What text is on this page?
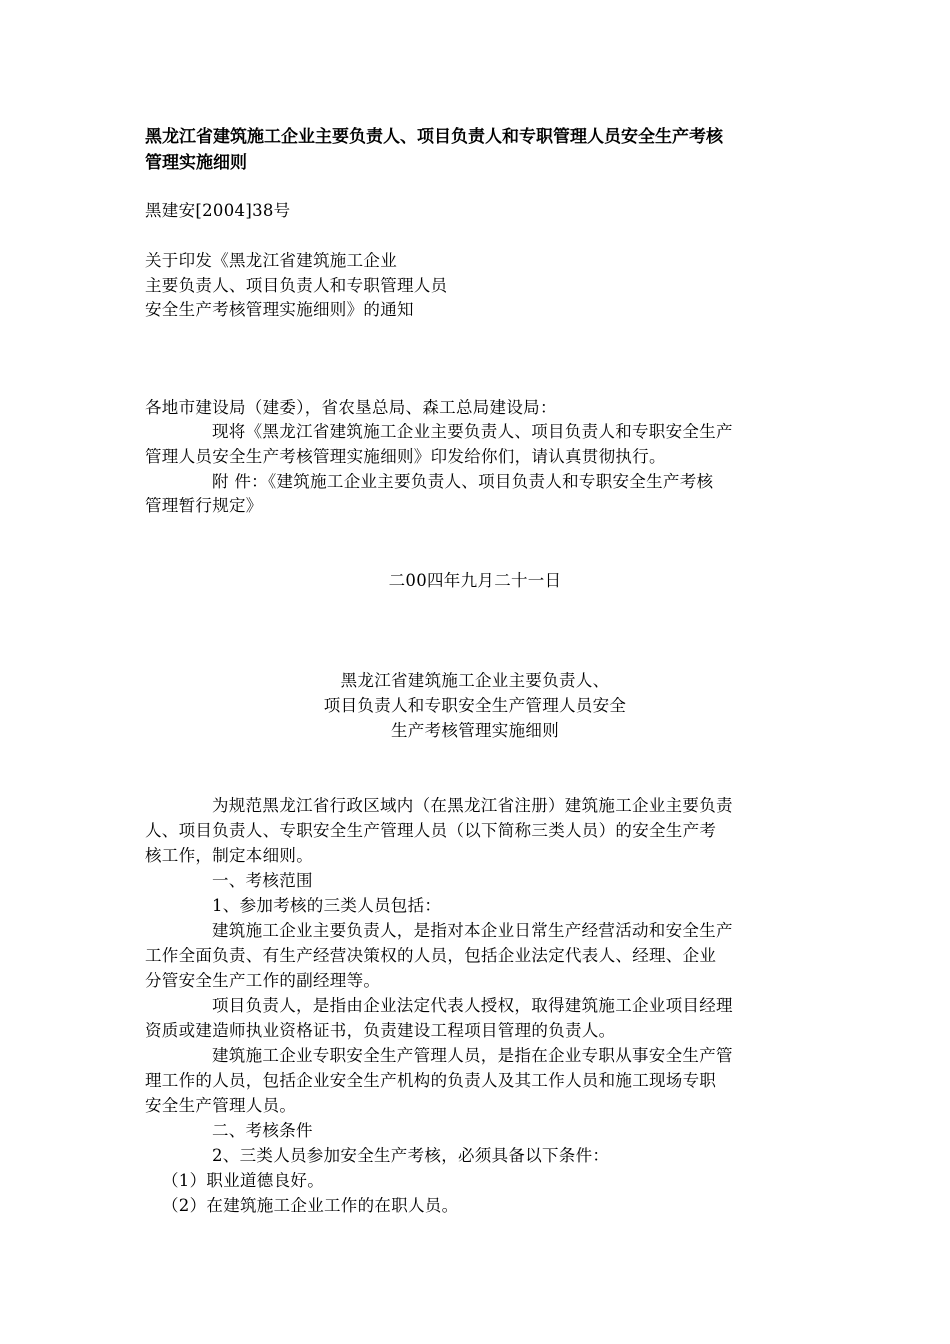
黑龙江省建筑施工企业主要负责人、项目负责人和专职管理人员安全生产考核
管理实施细则
黑建安[2004]38号
关于印发《黑龙江省建筑施工企业
主要负责人、项目负责人和专职管理人员
安全生产考核管理实施细则》的通知
各地市建设局（建委），省农垦总局、森工总局建设局：
现将《黑龙江省建筑施工企业主要负责人、项目负责人和专职安全生产
管理人员安全生产考核管理实施细则》印发给你们，请认真贯彻执行。
附 件：《建筑施工企业主要负责人、项目负责人和专职安全生产考核
管理暂行规定》
二00四年九月二十一日
黑龙江省建筑施工企业主要负责人、
项目负责人和专职安全生产管理人员安全
生产考核管理实施细则
为规范黑龙江省行政区域内（在黑龙江省注册）建筑施工企业主要负责
人、项目负责人、专职安全生产管理人员（以下简称三类人员）的安全生产考
核工作，制定本细则。
一、考核范围
1、参加考核的三类人员包括：
建筑施工企业主要负责人，是指对本企业日常生产经营活动和安全生产
工作全面负责、有生产经营决策权的人员，包括企业法定代表人、经理、企业
分管安全生产工作的副经理等。
项目负责人，是指由企业法定代表人授权，取得建筑施工企业项目经理
资质或建造师执业资格证书，负责建设工程项目管理的负责人。
建筑施工企业专职安全生产管理人员，是指在企业专职从事安全生产管
理工作的人员，包括企业安全生产机构的负责人及其工作人员和施工现场专职
安全生产管理人员。
二、考核条件
2、三类人员参加安全生产考核，必须具备以下条件：
（1）职业道德良好。
（2）在建筑施工企业工作的在职人员。
